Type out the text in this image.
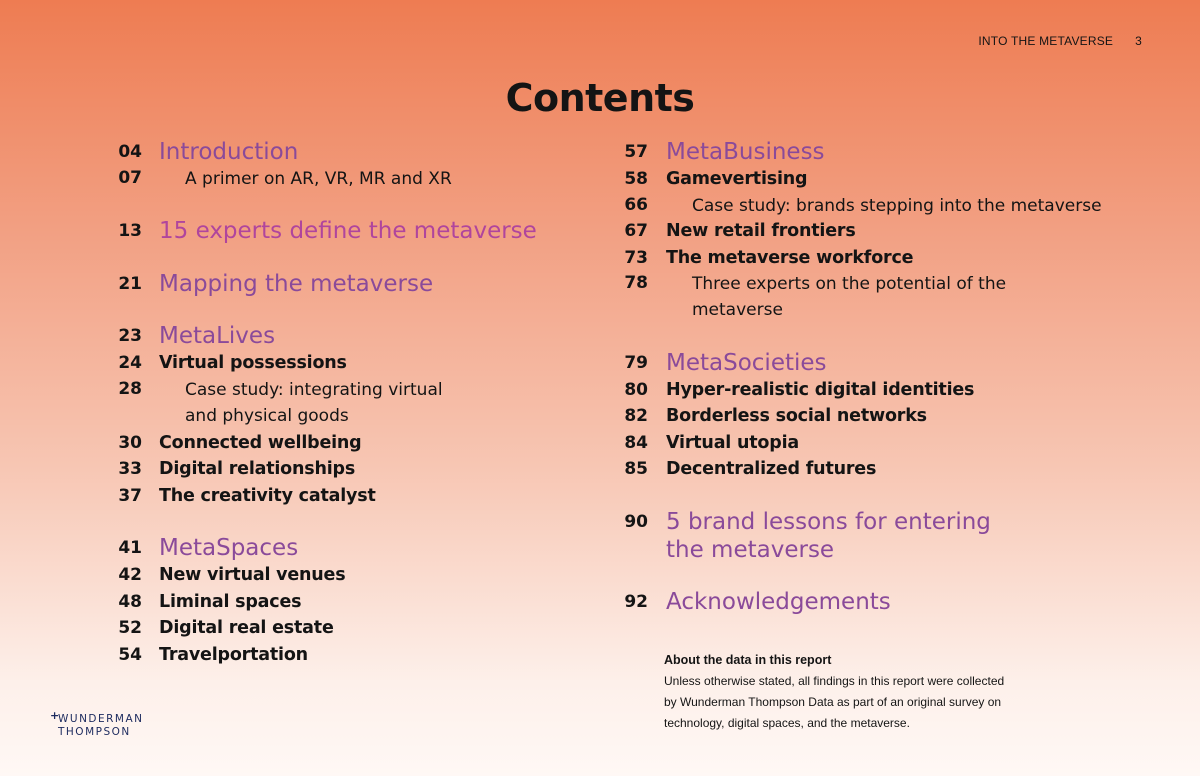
INTO THE METAVERSE 3
Contents
04 Introduction
07	A primer on AR, VR, MR and XR
13 15 experts define the metaverse
21 Mapping the metaverse
23 MetaLives
24 Virtual possessions
28	Case study: integrating virtual
and physical goods
30 Connected wellbeing
33 Digital relationships
37 The creativity catalyst
41 MetaSpaces
42 New virtual venues
48 Liminal spaces
52 Digital real estate
54 Travelportation
57 MetaBusiness
58 Gamevertising
66	Case study: brands stepping into the metaverse
67 New retail frontiers
73 The metaverse workforce
78	Three experts on the potential of the
metaverse
79 MetaSocieties
80 Hyper-realistic digital identities
82 Borderless social networks
84 Virtual utopia
85 Decentralized futures
90 5 brand lessons for entering
the metaverse
92 Acknowledgements
About the data in this report
Unless otherwise stated, all findings in this report were collected
by Wunderman Thompson Data as part of an original survey on
technology, digital spaces, and the metaverse.
+
WUNDERMAN
THOMPSON
